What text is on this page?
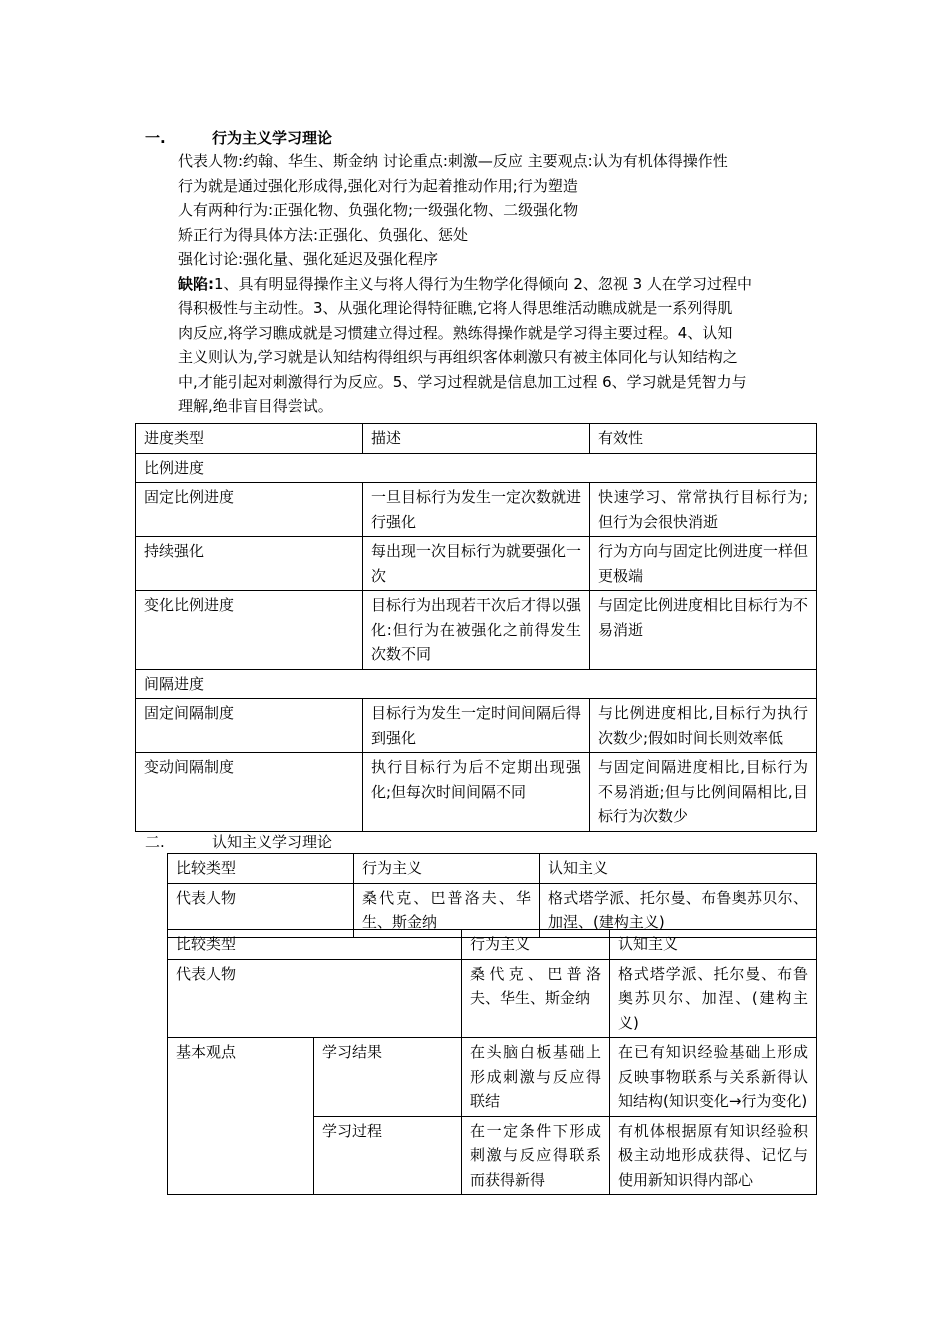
一.	行为主义学习理论
代表人物:约翰、华生、斯金纳 讨论重点:刺激—反应 主要观点:认为有机体得操作性
行为就是通过强化形成得,强化对行为起着推动作用;行为塑造
人有两种行为:正强化物、负强化物;一级强化物、二级强化物
矫正行为得具体方法:正强化、负强化、惩处
强化讨论:强化量、强化延迟及强化程序
缺陷:1、具有明显得操作主义与将人得行为生物学化得倾向 2、忽视 3 人在学习过程中
得积极性与主动性。3、从强化理论得特征瞧,它将人得思维活动瞧成就是一系列得肌
肉反应,将学习瞧成就是习惯建立得过程。熟练得操作就是学习得主要过程。4、认知
主义则认为,学习就是认知结构得组织与再组织客体刺激只有被主体同化与认知结构之
中,才能引起对刺激得行为反应。5、学习过程就是信息加工过程 6、学习就是凭智力与
理解,绝非盲目得尝试。
进度类型	描述	有效性
比例进度		
固定比例进度	一旦目标行为发生一定次数就进行强化	快速学习、常常执行目标行为;但行为会很快消逝
持续强化	每出现一次目标行为就要强化一次	行为方向与固定比例进度一样但更极端
变化比例进度	目标行为出现若干次后才得以强化:但行为在被强化之前得发生次数不同	与固定比例进度相比目标行为不易消逝
间隔进度		
固定间隔制度	目标行为发生一定时间间隔后得到强化	与比例进度相比,目标行为执行次数少;假如时间长则效率低
变动间隔制度	执行目标行为后不定期出现强化;但每次时间间隔不同	与固定间隔进度相比,目标行为不易消逝;但与比例间隔相比,目标行为次数少
二.	认知主义学习理论
比较类型	行为主义	认知主义
代表人物	桑代克、巴普洛夫、华生、斯金纳	格式塔学派、托尔曼、布鲁奥苏贝尔、加涅、(建构主义)
比较类型		行为主义	认知主义
代表人物		桑代克、巴普洛夫、华生、斯金纳	格式塔学派、托尔曼、布鲁奥苏贝尔、加涅、(建构主义)
基本观点	学习结果	在头脑白板基础上形成刺激与反应得联结	在已有知识经验基础上形成反映事物联系与关系新得认知结构(知识变化→行为变化)
	学习过程	在一定条件下形成刺激与反应得联系而获得新得	有机体根据原有知识经验积极主动地形成获得、记忆与使用新知识得内部心
